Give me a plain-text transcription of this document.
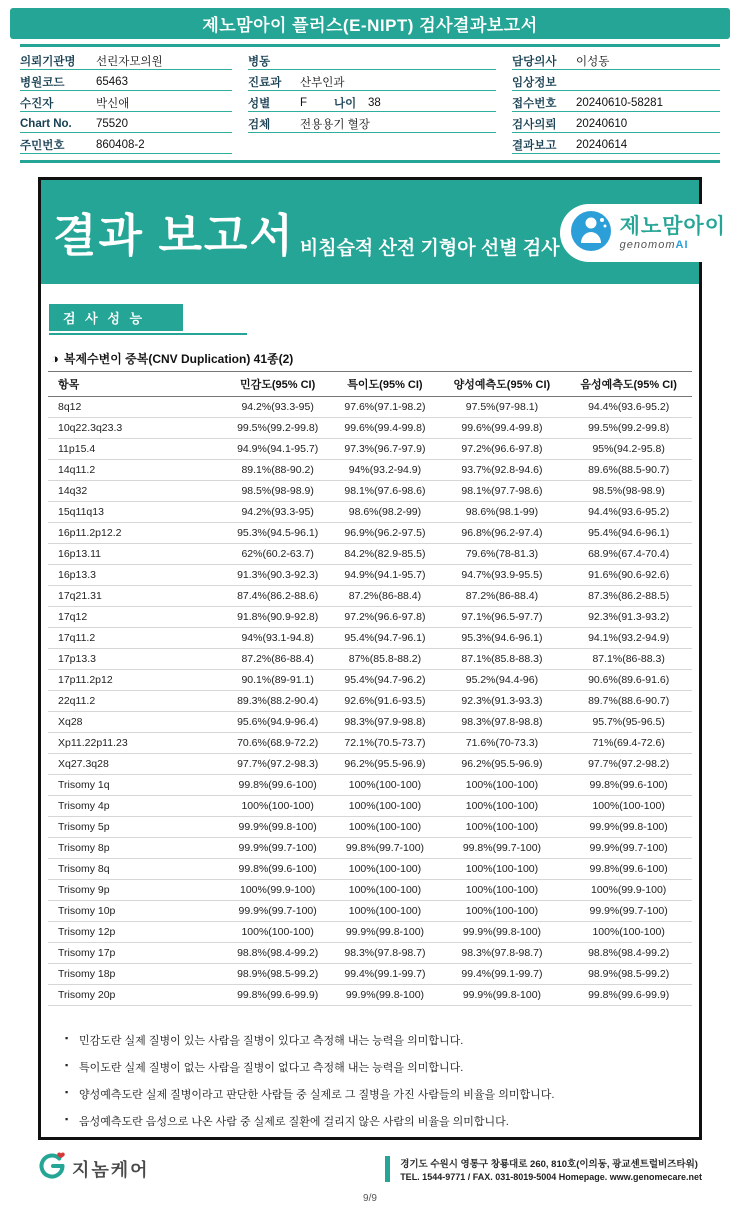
제노맘아이 플러스(E-NIPT) 검사결과보고서
의뢰기관명	선린자모의원
병원코드	65463
수진자	박신애
Chart No.	75520
주민번호	860408-2
병동
진료과	산부인과
성별	F	나이	38
검체	전용용기 혈장
담당의사	이성동
임상정보
접수번호	20240610-58281
검사의뢰	20240610
결과보고	20240614
결과 보고서 비침습적 산전 기형아 선별 검사
제노맘아이
genomomAI
검 사 성 능
◑ 복제수변이 중복(CNV Duplication) 41종(2)
항목	민감도(95% CI)	특이도(95% CI)	양성예측도(95% CI)	음성예측도(95% CI)
8q12	94.2%(93.3-95)	97.6%(97.1-98.2)	97.5%(97-98.1)	94.4%(93.6-95.2)
10q22.3q23.3	99.5%(99.2-99.8)	99.6%(99.4-99.8)	99.6%(99.4-99.8)	99.5%(99.2-99.8)
11p15.4	94.9%(94.1-95.7)	97.3%(96.7-97.9)	97.2%(96.6-97.8)	95%(94.2-95.8)
14q11.2	89.1%(88-90.2)	94%(93.2-94.9)	93.7%(92.8-94.6)	89.6%(88.5-90.7)
14q32	98.5%(98-98.9)	98.1%(97.6-98.6)	98.1%(97.7-98.6)	98.5%(98-98.9)
15q11q13	94.2%(93.3-95)	98.6%(98.2-99)	98.6%(98.1-99)	94.4%(93.6-95.2)
16p11.2p12.2	95.3%(94.5-96.1)	96.9%(96.2-97.5)	96.8%(96.2-97.4)	95.4%(94.6-96.1)
16p13.11	62%(60.2-63.7)	84.2%(82.9-85.5)	79.6%(78-81.3)	68.9%(67.4-70.4)
16p13.3	91.3%(90.3-92.3)	94.9%(94.1-95.7)	94.7%(93.9-95.5)	91.6%(90.6-92.6)
17q21.31	87.4%(86.2-88.6)	87.2%(86-88.4)	87.2%(86-88.4)	87.3%(86.2-88.5)
17q12	91.8%(90.9-92.8)	97.2%(96.6-97.8)	97.1%(96.5-97.7)	92.3%(91.3-93.2)
17q11.2	94%(93.1-94.8)	95.4%(94.7-96.1)	95.3%(94.6-96.1)	94.1%(93.2-94.9)
17p13.3	87.2%(86-88.4)	87%(85.8-88.2)	87.1%(85.8-88.3)	87.1%(86-88.3)
17p11.2p12	90.1%(89-91.1)	95.4%(94.7-96.2)	95.2%(94.4-96)	90.6%(89.6-91.6)
22q11.2	89.3%(88.2-90.4)	92.6%(91.6-93.5)	92.3%(91.3-93.3)	89.7%(88.6-90.7)
Xq28	95.6%(94.9-96.4)	98.3%(97.9-98.8)	98.3%(97.8-98.8)	95.7%(95-96.5)
Xp11.22p11.23	70.6%(68.9-72.2)	72.1%(70.5-73.7)	71.6%(70-73.3)	71%(69.4-72.6)
Xq27.3q28	97.7%(97.2-98.3)	96.2%(95.5-96.9)	96.2%(95.5-96.9)	97.7%(97.2-98.2)
Trisomy 1q	99.8%(99.6-100)	100%(100-100)	100%(100-100)	99.8%(99.6-100)
Trisomy 4p	100%(100-100)	100%(100-100)	100%(100-100)	100%(100-100)
Trisomy 5p	99.9%(99.8-100)	100%(100-100)	100%(100-100)	99.9%(99.8-100)
Trisomy 8p	99.9%(99.7-100)	99.8%(99.7-100)	99.8%(99.7-100)	99.9%(99.7-100)
Trisomy 8q	99.8%(99.6-100)	100%(100-100)	100%(100-100)	99.8%(99.6-100)
Trisomy 9p	100%(99.9-100)	100%(100-100)	100%(100-100)	100%(99.9-100)
Trisomy 10p	99.9%(99.7-100)	100%(100-100)	100%(100-100)	99.9%(99.7-100)
Trisomy 12p	100%(100-100)	99.9%(99.8-100)	99.9%(99.8-100)	100%(100-100)
Trisomy 17p	98.8%(98.4-99.2)	98.3%(97.8-98.7)	98.3%(97.8-98.7)	98.8%(98.4-99.2)
Trisomy 18p	98.9%(98.5-99.2)	99.4%(99.1-99.7)	99.4%(99.1-99.7)	98.9%(98.5-99.2)
Trisomy 20p	99.8%(99.6-99.9)	99.9%(99.8-100)	99.9%(99.8-100)	99.8%(99.6-99.9)
▪ 민감도란 실제 질병이 있는 사람을 질병이 있다고 측정해 내는 능력을 의미합니다.
▪ 특이도란 실제 질병이 없는 사람을 질병이 없다고 측정해 내는 능력을 의미합니다.
▪ 양성예측도란 실제 질병이라고 판단한 사람들 중 실제로 그 질병을 가진 사람들의 비율을 의미합니다.
▪ 음성예측도란 음성으로 나온 사람 중 실제로 질환에 걸리지 않은 사람의 비율을 의미합니다.
지놈케어	경기도 수원시 영통구 창룡대로 260, 810호(이의동, 광교센트럴비즈타워)
TEL. 1544-9771 / FAX. 031-8019-5004 Homepage. www.genomecare.net
9/9
